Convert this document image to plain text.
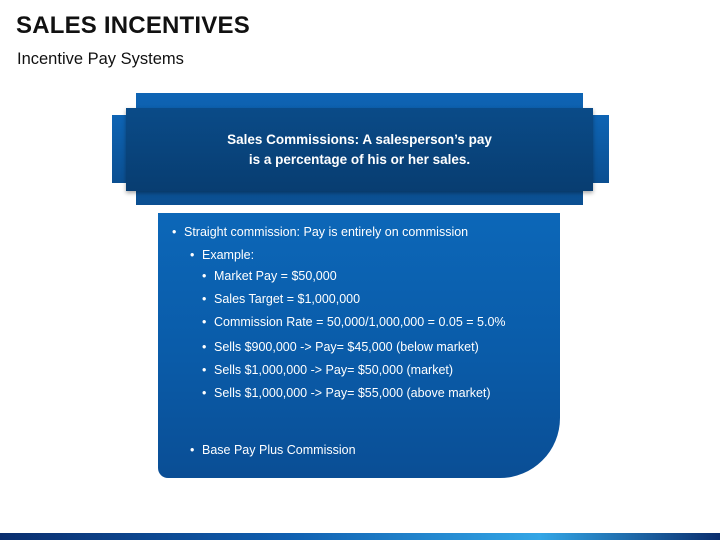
SALES INCENTIVES
Incentive Pay Systems
Sales Commissions: A salesperson’s pay
is a percentage of his or her sales.
• Straight commission: Pay is entirely on commission
• Example:
• Market Pay = $50,000
• Sales Target = $1,000,000
• Commission Rate = 50,000/1,000,000 = 0.05 = 5.0%
• Sells $900,000 -> Pay= $45,000 (below market)
• Sells $1,000,000 -> Pay= $50,000 (market)
• Sells $1,000,000 -> Pay= $55,000 (above market)
• Base Pay Plus Commission
